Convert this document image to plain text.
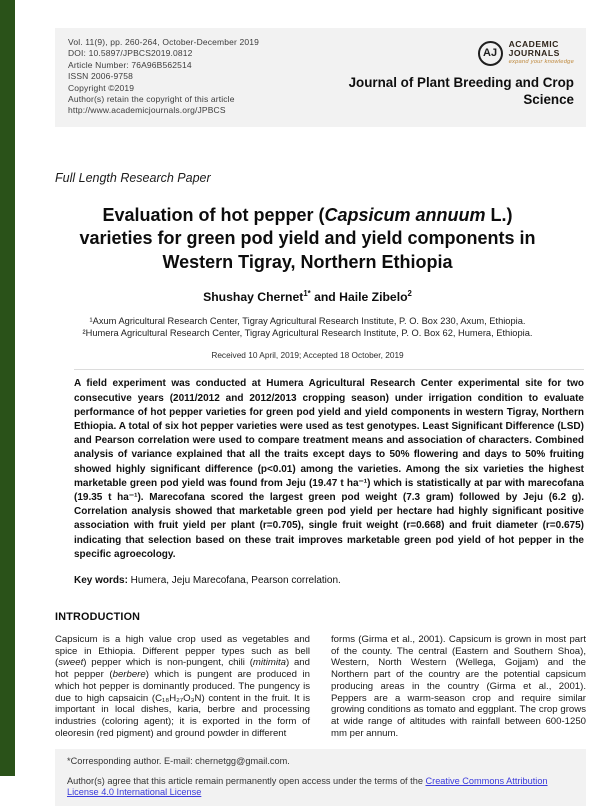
Vol. 11(9), pp. 260-264, October-December 2019
DOI: 10.5897/JPBCS2019.0812
Article Number: 76A96B562514
ISSN 2006-9758
Copyright ©2019
Author(s) retain the copyright of this article
http://www.academicjournals.org/JPBCS
AJ
ACADEMIC
JOURNALS
expand your knowledge
Journal of Plant Breeding and Crop
Science
Full Length Research Paper
Evaluation of hot pepper (Capsicum annuum L.)
varieties for green pod yield and yield components in
Western Tigray, Northern Ethiopia
Shushay Chernet$^{1*}$ and Haile Zibelo$^2$
¹Axum Agricultural Research Center, Tigray Agricultural Research Institute, P. O. Box 230, Axum, Ethiopia.
²Humera Agricultural Research Center, Tigray Agricultural Research Institute, P. O. Box 62, Humera, Ethiopia.
Received 10 April, 2019; Accepted 18 October, 2019
A field experiment was conducted at Humera Agricultural Research Center experimental site for two consecutive years (2011/2012 and 2012/2013 cropping season) under irrigation condition to evaluate performance of hot pepper varieties for green pod yield and yield components in western Tigray, Northern Ethiopia. A total of six hot pepper varieties were used as test genotypes. Least Significant Difference (LSD) and Pearson correlation were used to compare treatment means and association of characters. Combined analysis of variance explained that all the traits except days to 50% flowering and days to 50% fruiting showed highly significant difference (p<0.01) among the varieties. Among the six varieties the highest marketable green pod yield was found from Jeju (19.47 t ha⁻¹) which is statistically at par with marecofana (19.35 t ha⁻¹). Marecofana scored the largest green pod weight (7.3 gram) followed by Jeju (6.2 g). Correlation analysis showed that marketable green pod yield per hectare had highly significant positive association with fruit yield per plant (r=0.705), single fruit weight (r=0.668) and fruit diameter (r=0.675) indicating that selection based on these trait improves marketable green pod yield of hot pepper in the specific agroecology.
Key words: Humera, Jeju Marecofana, Pearson correlation.
INTRODUCTION
Capsicum is a high value crop used as vegetables and spice in Ethiopia. Different pepper types such as bell (sweet) pepper which is non-pungent, chili (mitimita) and hot pepper (berbere) which is pungent are produced in which hot pepper is dominantly produced. The pungency is due to high capsaicin (C₁₈H₂₇O₃N) content in the fruit. It is important in local dishes, karia, berbre and processing industries (coloring agent); it is exported in the form of oleoresin (red pigment) and ground powder in different
forms (Girma et al., 2001). Capsicum is grown in most part of the county. The central (Eastern and Southern Shoa), Western, North Western (Wellega, Gojjam) and the Northern part of the country are the potential capsicum producing areas in the country (Girma et al., 2001). Peppers are a warm-season crop and require similar growing conditions as tomato and eggplant. The crop grows at wide range of altitudes with rainfall between 600-1250 mm per annum.
*Corresponding author. E-mail: chernetgg@gmail.com.
Author(s) agree that this article remain permanently open access under the terms of the Creative Commons Attribution License 4.0 International License
